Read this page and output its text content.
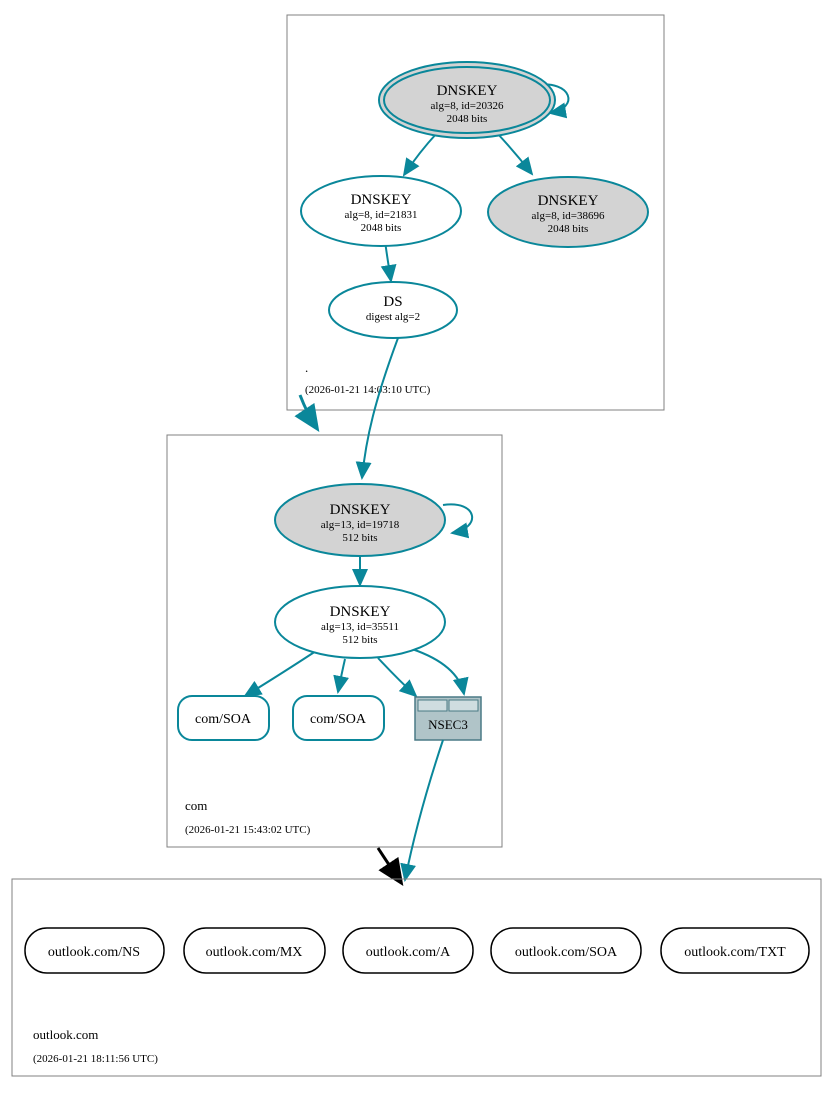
DNSKEY
alg=8, id=20326
2048 bits
DNSKEY
alg=8, id=21831
2048 bits
DNSKEY
alg=8, id=38696
2048 bits
DS
digest alg=2
.
(2026-01-21 14:03:10 UTC)
DNSKEY
alg=13, id=19718
512 bits
DNSKEY
alg=13, id=35511
512 bits
com/SOA	com/SOA	NSEC3
com
(2026-01-21 15:43:02 UTC)
outlook.com/NS	outlook.com/MX	outlook.com/A	outlook.com/SOA	outlook.com/TXT
outlook.com
(2026-01-21 18:11:56 UTC)
